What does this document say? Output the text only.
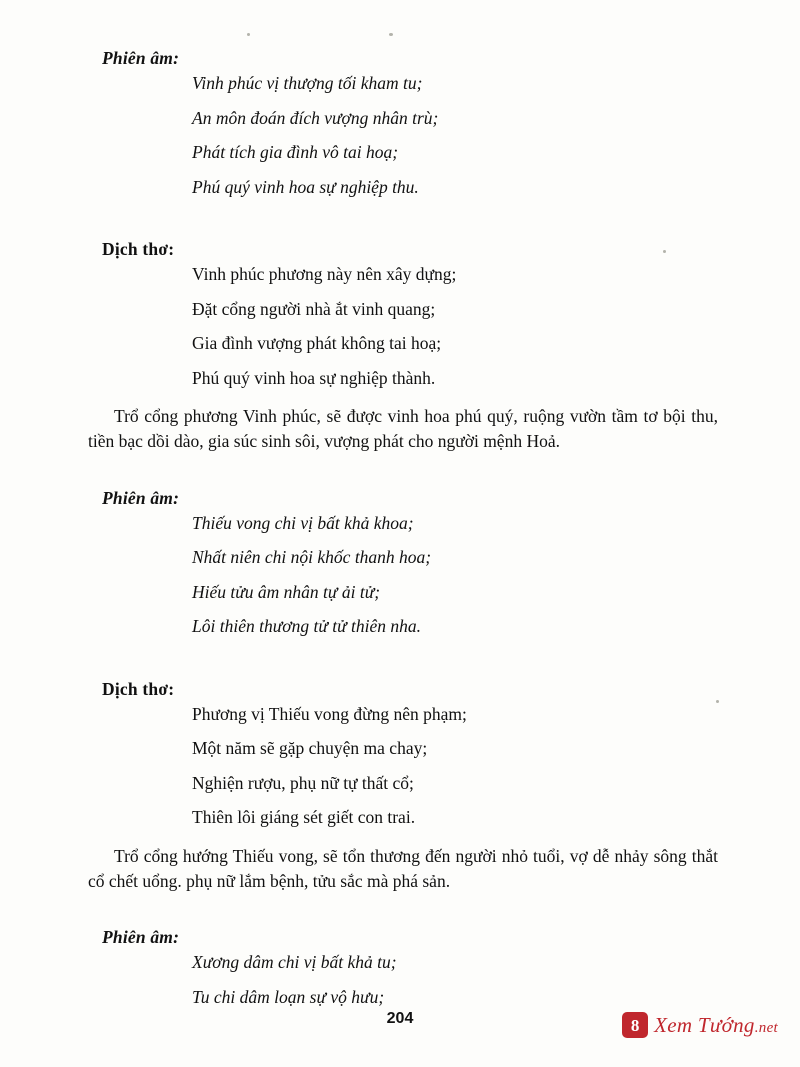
Phiên âm:
Vinh phúc vị thượng tối kham tu;
An môn đoán đích vượng nhân trù;
Phát tích gia đình vô tai hoạ;
Phú quý vinh hoa sự nghiệp thu.
Dịch thơ:
Vinh phúc phương này nên xây dựng;
Đặt cổng người nhà ắt vinh quang;
Gia đình vượng phát không tai hoạ;
Phú quý vinh hoa sự nghiệp thành.

Trổ cổng phương Vinh phúc, sẽ được vinh hoa phú quý, ruộng vườn tầm tơ bội thu, tiền bạc dồi dào, gia súc sinh sôi, vượng phát cho người mệnh Hoả.

Phiên âm:
Thiếu vong chi vị bất khả khoa;
Nhất niên chi nội khốc thanh hoa;
Hiếu tửu âm nhân tự ải tử;
Lôi thiên thương tử tử thiên nha.
Dịch thơ:
Phương vị Thiếu vong đừng nên phạm;
Một năm sẽ gặp chuyện ma chay;
Nghiện rượu, phụ nữ tự thất cổ;
Thiên lôi giáng sét giết con trai.

Trổ cổng hướng Thiếu vong, sẽ tổn thương đến người nhỏ tuổi, vợ dễ nhảy sông thắt cổ chết uổng. phụ nữ lắm bệnh, tửu sắc mà phá sản.

Phiên âm:
Xương dâm chi vị bất khả tu;
Tu chi dâm loạn sự vộ hưu;
204	8 Xem Tướng.net
